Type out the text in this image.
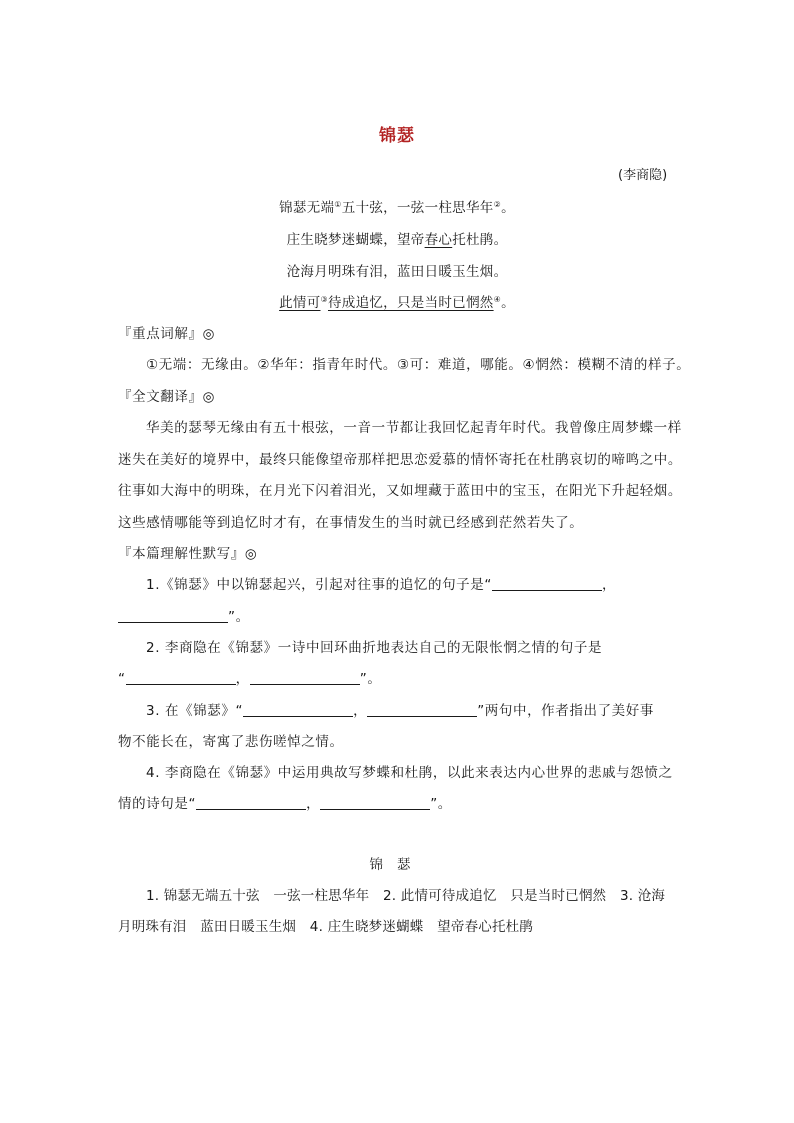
锦瑟
(李商隐)
锦瑟无端①五十弦，一弦一柱思华年②。
庄生晓梦迷蝴蝶，望帝春心托杜鹃。
沧海月明珠有泪，蓝田日暖玉生烟。
此情可③待成追忆，只是当时已惘然④。
『重点词解』◎
①无端：无缘由。②华年：指青年时代。③可：难道，哪能。④惘然：模糊不清的样子。
『全文翻译』◎
华美的瑟琴无缘由有五十根弦，一音一节都让我回忆起青年时代。我曾像庄周梦蝶一样
迷失在美好的境界中，最终只能像望帝那样把思恋爱慕的情怀寄托在杜鹃哀切的啼鸣之中。
往事如大海中的明珠，在月光下闪着泪光，又如埋藏于蓝田中的宝玉，在阳光下升起轻烟。
这些感情哪能等到追忆时才有，在事情发生的当时就已经感到茫然若失了。
『本篇理解性默写』◎
1.《锦瑟》中以锦瑟起兴，引起对往事的追忆的句子是“	，
”。
2. 李商隐在《锦瑟》一诗中回环曲折地表达自己的无限怅惘之情的句子是
“	，	”。
3. 在《锦瑟》“	，	”两句中，作者指出了美好事
物不能长在，寄寓了悲伤嗟悼之情。
4. 李商隐在《锦瑟》中运用典故写梦蝶和杜鹃，以此来表达内心世界的悲戚与怨愤之
情的诗句是“	，	”。
锦瑟
1. 锦瑟无端五十弦　一弦一柱思华年　2. 此情可待成追忆　只是当时已惘然　3. 沧海
月明珠有泪　蓝田日暖玉生烟　4. 庄生晓梦迷蝴蝶　望帝春心托杜鹃
